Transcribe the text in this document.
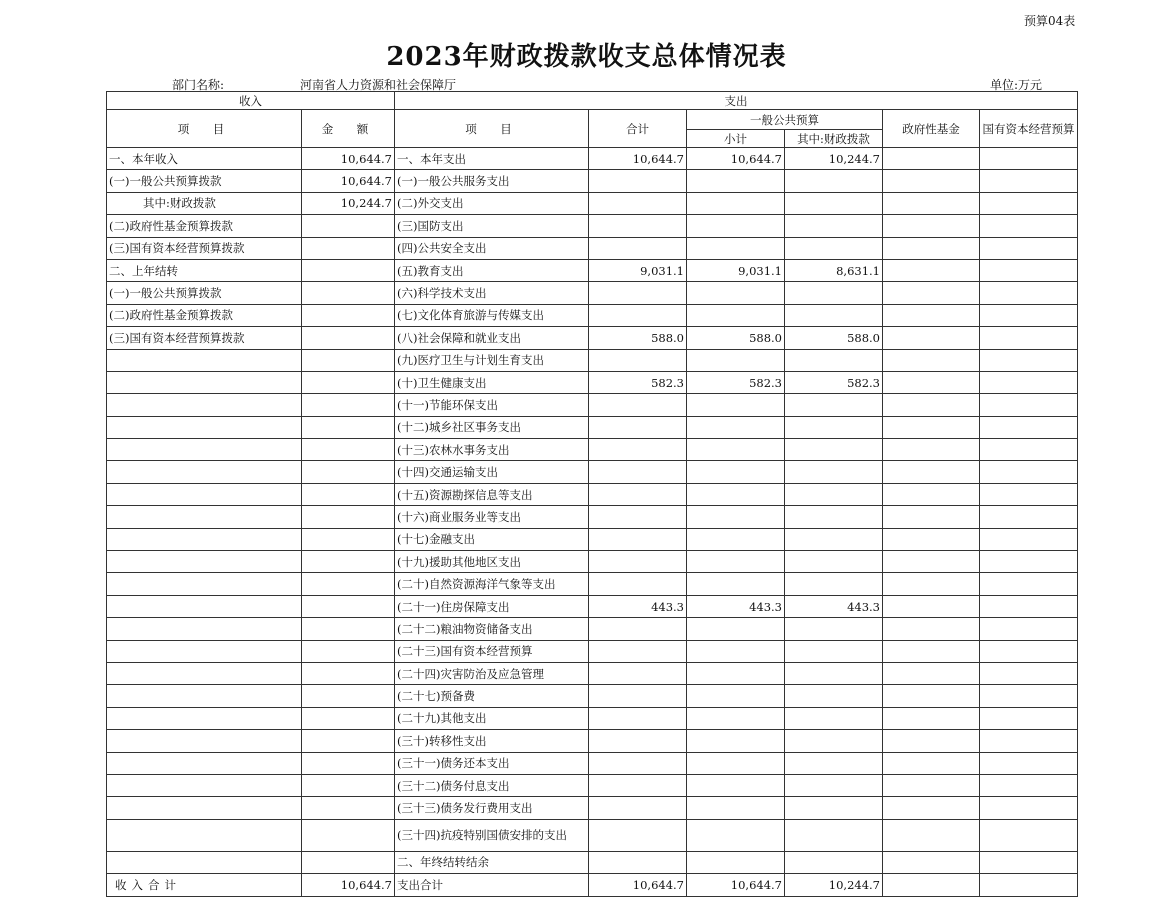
预算04表
2023年财政拨款收支总体情况表
部门名称:	河南省人力资源和社会保障厅	单位:万元
收入		支出					
项　目	金　额	项　目	合计	一般公共预算		政府性基金	国有资本经营预算
				小计	其中:财政拨款		
一、本年收入	10,644.7	一、本年支出	10,644.7	10,644.7	10,244.7		
(一)一般公共预算拨款	10,644.7	(一)一般公共服务支出					
其中:财政拨款	10,244.7	(二)外交支出					
(二)政府性基金预算拨款		(三)国防支出					
(三)国有资本经营预算拨款		(四)公共安全支出					
二、上年结转		(五)教育支出	9,031.1	9,031.1	8,631.1		
(一)一般公共预算拨款		(六)科学技术支出					
(二)政府性基金预算拨款		(七)文化体育旅游与传媒支出					
(三)国有资本经营预算拨款		(八)社会保障和就业支出	588.0	588.0	588.0		
		(九)医疗卫生与计划生育支出					
		(十)卫生健康支出	582.3	582.3	582.3		
		(十一)节能环保支出					
		(十二)城乡社区事务支出					
		(十三)农林水事务支出					
		(十四)交通运输支出					
		(十五)资源勘探信息等支出					
		(十六)商业服务业等支出					
		(十七)金融支出					
		(十九)援助其他地区支出					
		(二十)自然资源海洋气象等支出					
		(二十一)住房保障支出	443.3	443.3	443.3		
		(二十二)粮油物资储备支出					
		(二十三)国有资本经营预算					
		(二十四)灾害防治及应急管理					
		(二十七)预备费					
		(二十九)其他支出					
		(三十)转移性支出					
		(三十一)债务还本支出					
		(三十二)债务付息支出					
		(三十三)债务发行费用支出					
		(三十四)抗疫特别国债安排的支出					
		二、年终结转结余					
收入合计	10,644.7	支出合计	10,644.7	10,644.7	10,244.7		
